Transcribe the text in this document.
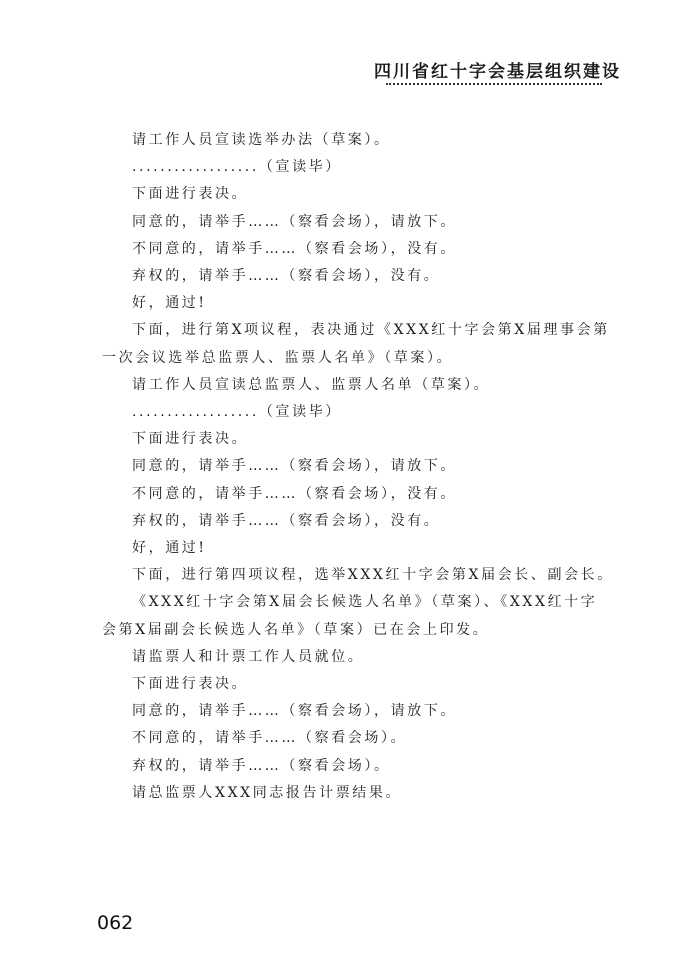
四川省红十字会基层组织建设

请工作人员宣读选举办法（草案）。

..................（宣读毕）

下面进行表决。

同意的，请举手……（察看会场），请放下。

不同意的，请举手……（察看会场），没有。

弃权的，请举手……（察看会场），没有。

好，通过!

下面，进行第X项议程，表决通过《XXX红十字会第X届理事会第

一次会议选举总监票人、监票人名单》（草案）。

请工作人员宣读总监票人、监票人名单（草案）。

..................（宣读毕）

下面进行表决。

同意的，请举手……（察看会场），请放下。

不同意的，请举手……（察看会场），没有。

弃权的，请举手……（察看会场），没有。

好，通过!

下面，进行第四项议程，选举XXX红十字会第X届会长、副会长。

《XXX红十字会第X届会长候选人名单》（草案）、《XXX红十字

会第X届副会长候选人名单》（草案）已在会上印发。

请监票人和计票工作人员就位。

下面进行表决。

同意的，请举手……（察看会场），请放下。

不同意的，请举手……（察看会场）。

弃权的，请举手……（察看会场）。

请总监票人XXX同志报告计票结果。

062
